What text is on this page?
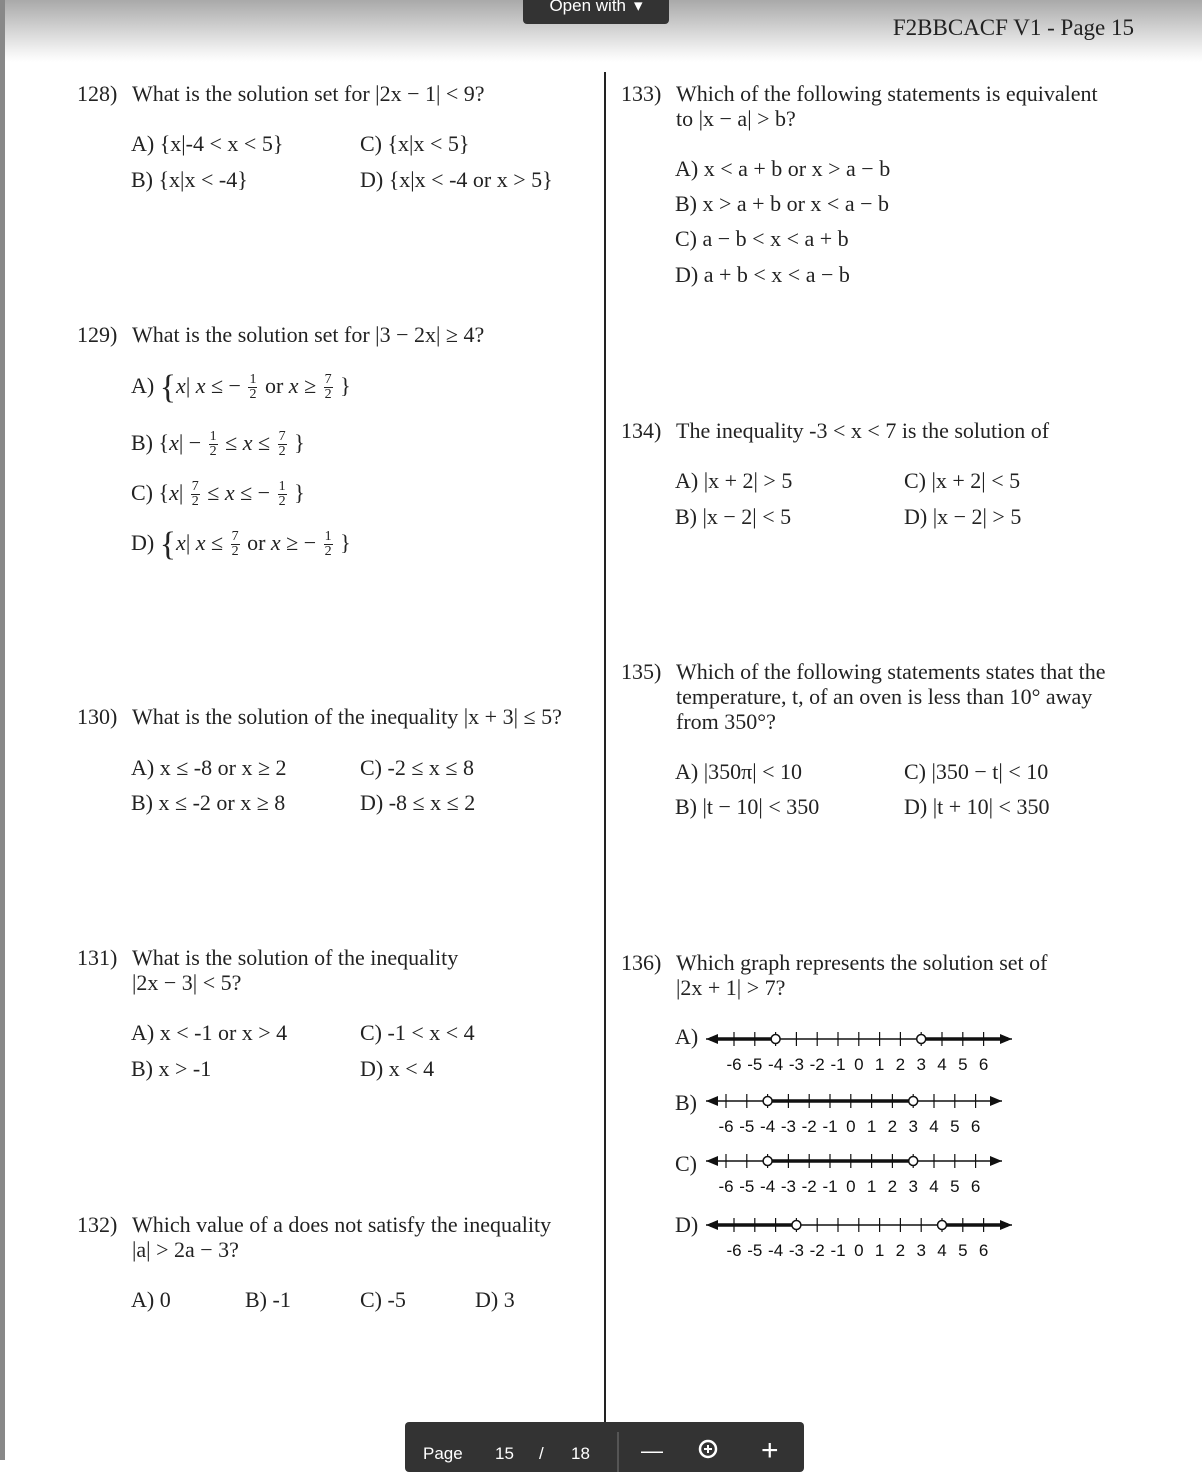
Open with ▾
F2BBCACF V1 - Page 15
128) What is the solution set for |2x − 1| < 9?
A) {x|-4 < x < 5}
B) {x|x < -4}
C) {x|x < 5}
D) {x|x < -4 or x > 5}
129) What is the solution set for |3 − 2x| ≥ 4?
A) {x| x ≤ − $\frac{1}{2}$ or $x \ge \frac{7}{2}$ }
B) {$x| - \frac{1}{2} \le x \le \frac{7}{2}$ }
C) {$x| \frac{7}{2} \le x$ ≤ − $\frac{1}{2}$ }
D) {x| $x \le \frac{7}{2}$ or x ≥ − $\frac{1}{2}$ }
130) What is the solution of the inequality |x + 3| ≤ 5?
A) x ≤ -8 or x ≥ 2
B) x ≤ -2 or x ≥ 8
C) -2 ≤ x ≤ 8
D) -8 ≤ x ≤ 2
131) What is the solution of the inequality
|2x − 3| < 5?
A) x < -1 or x > 4
B) x > -1
C) -1 < x < 4
D) x < 4
132) Which value of a does not satisfy the inequality
|a| > 2a − 3?
A) 0	B) -1	C) -5	D) 3
133) Which of the following statements is equivalent
to |x − a| > b?
A) x < a + b or x > a − b
B) x > a + b or x < a − b
C) a − b < x < a + b
D) a + b < x < a − b
134) The inequality -3 < x < 7 is the solution of
A) |x + 2| > 5
B) |x − 2| < 5
C) |x + 2| < 5
D) |x − 2| > 5
135) Which of the following statements states that the
temperature, t, of an oven is less than 10° away
from 350°?
A) |350π| < 10
B) |t − 10| < 350
C) |350 − t| < 10
D) |t + 10| < 350
136) Which graph represents the solution set of
|2x + 1| > 7?
A)
B)
C)
D)
-6 -5 -4 -3 -2 -1 0 1 2 3 4 5 6
-6 -5 -4 -3 -2 -1 0 1 2 3 4 5 6
-6 -5 -4 -3 -2 -1 0 1 2 3 4 5 6
-6 -5 -4 -3 -2 -1 0 1 2 3 4 5 6
Page 15 / 18 —	+
